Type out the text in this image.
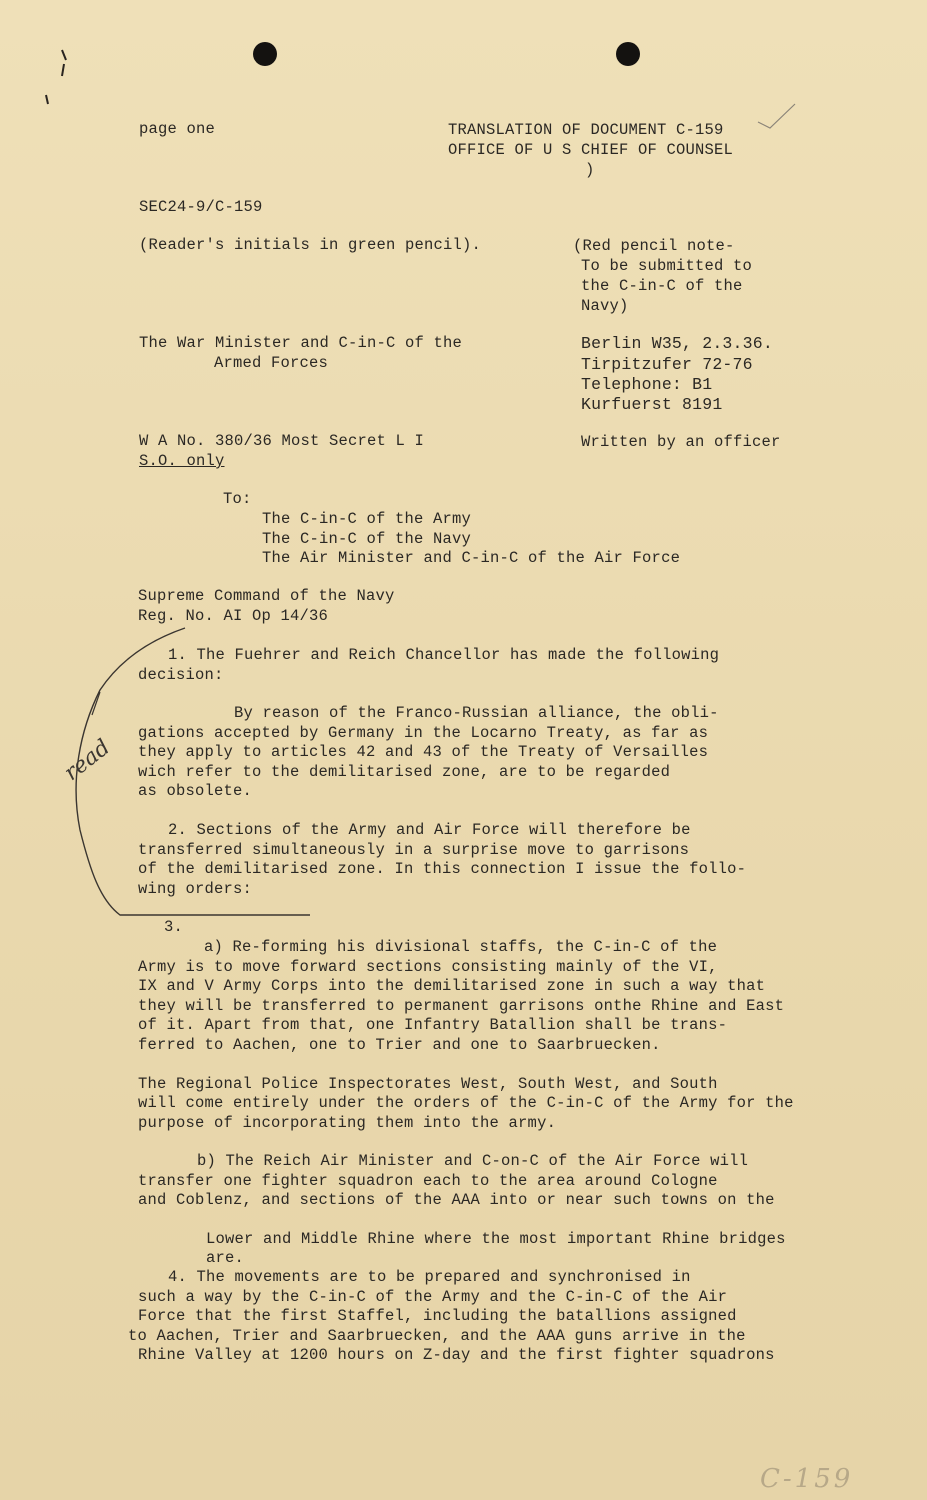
read
page one	TRANSLATION OF DOCUMENT C-159
OFFICE OF U S CHIEF OF COUNSEL
)
SEC24-9/C-159
(Reader's initials in green pencil).	(Red pencil note-
To be submitted to
the C-in-C of the
Navy)
The War Minister and C-in-C of the
Armed Forces
Berlin W35, 2.3.36.
Tirpitzufer 72-76
Telephone: B1
Kurfuerst 8191
W A No. 380/36 Most Secret L I
S.O. only
Written by an officer
To:
The C-in-C of the Army
The C-in-C of the Navy
The Air Minister and C-in-C of the Air Force
Supreme Command of the Navy
Reg. No. AI Op 14/36
1. The Fuehrer and Reich Chancellor has made the following
decision:
By reason of the Franco-Russian alliance, the obli-
gations accepted by Germany in the Locarno Treaty, as far as
they apply to articles 42 and 43 of the Treaty of Versailles
wich refer to the demilitarised zone, are to be regarded
as obsolete.
2. Sections of the Army and Air Force will therefore be
transferred simultaneously in a surprise move to garrisons
of the demilitarised zone. In this connection I issue the follo-
wing orders:
3.
a) Re-forming his divisional staffs, the C-in-C of the
Army is to move forward sections consisting mainly of the VI,
IX and V Army Corps into the demilitarised zone in such a way that
they will be transferred to permanent garrisons onthe Rhine and East
of it. Apart from that, one Infantry Batallion shall be trans-
ferred to Aachen, one to Trier and one to Saarbruecken.
The Regional Police Inspectorates West, South West, and South
will come entirely under the orders of the C-in-C of the Army for the
purpose of incorporating them into the army.
b) The Reich Air Minister and C-on-C of the Air Force will
transfer one fighter squadron each to the area around Cologne
and Coblenz, and sections of the AAA into or near such towns on the
Lower and Middle Rhine where the most important Rhine bridges
are.
4. The movements are to be prepared and synchronised in
such a way by the C-in-C of the Army and the C-in-C of the Air
Force that the first Staffel, including the batallions assigned
to Aachen, Trier and Saarbruecken, and the AAA guns arrive in the
Rhine Valley at 1200 hours on Z-day and the first fighter squadrons
C-159
